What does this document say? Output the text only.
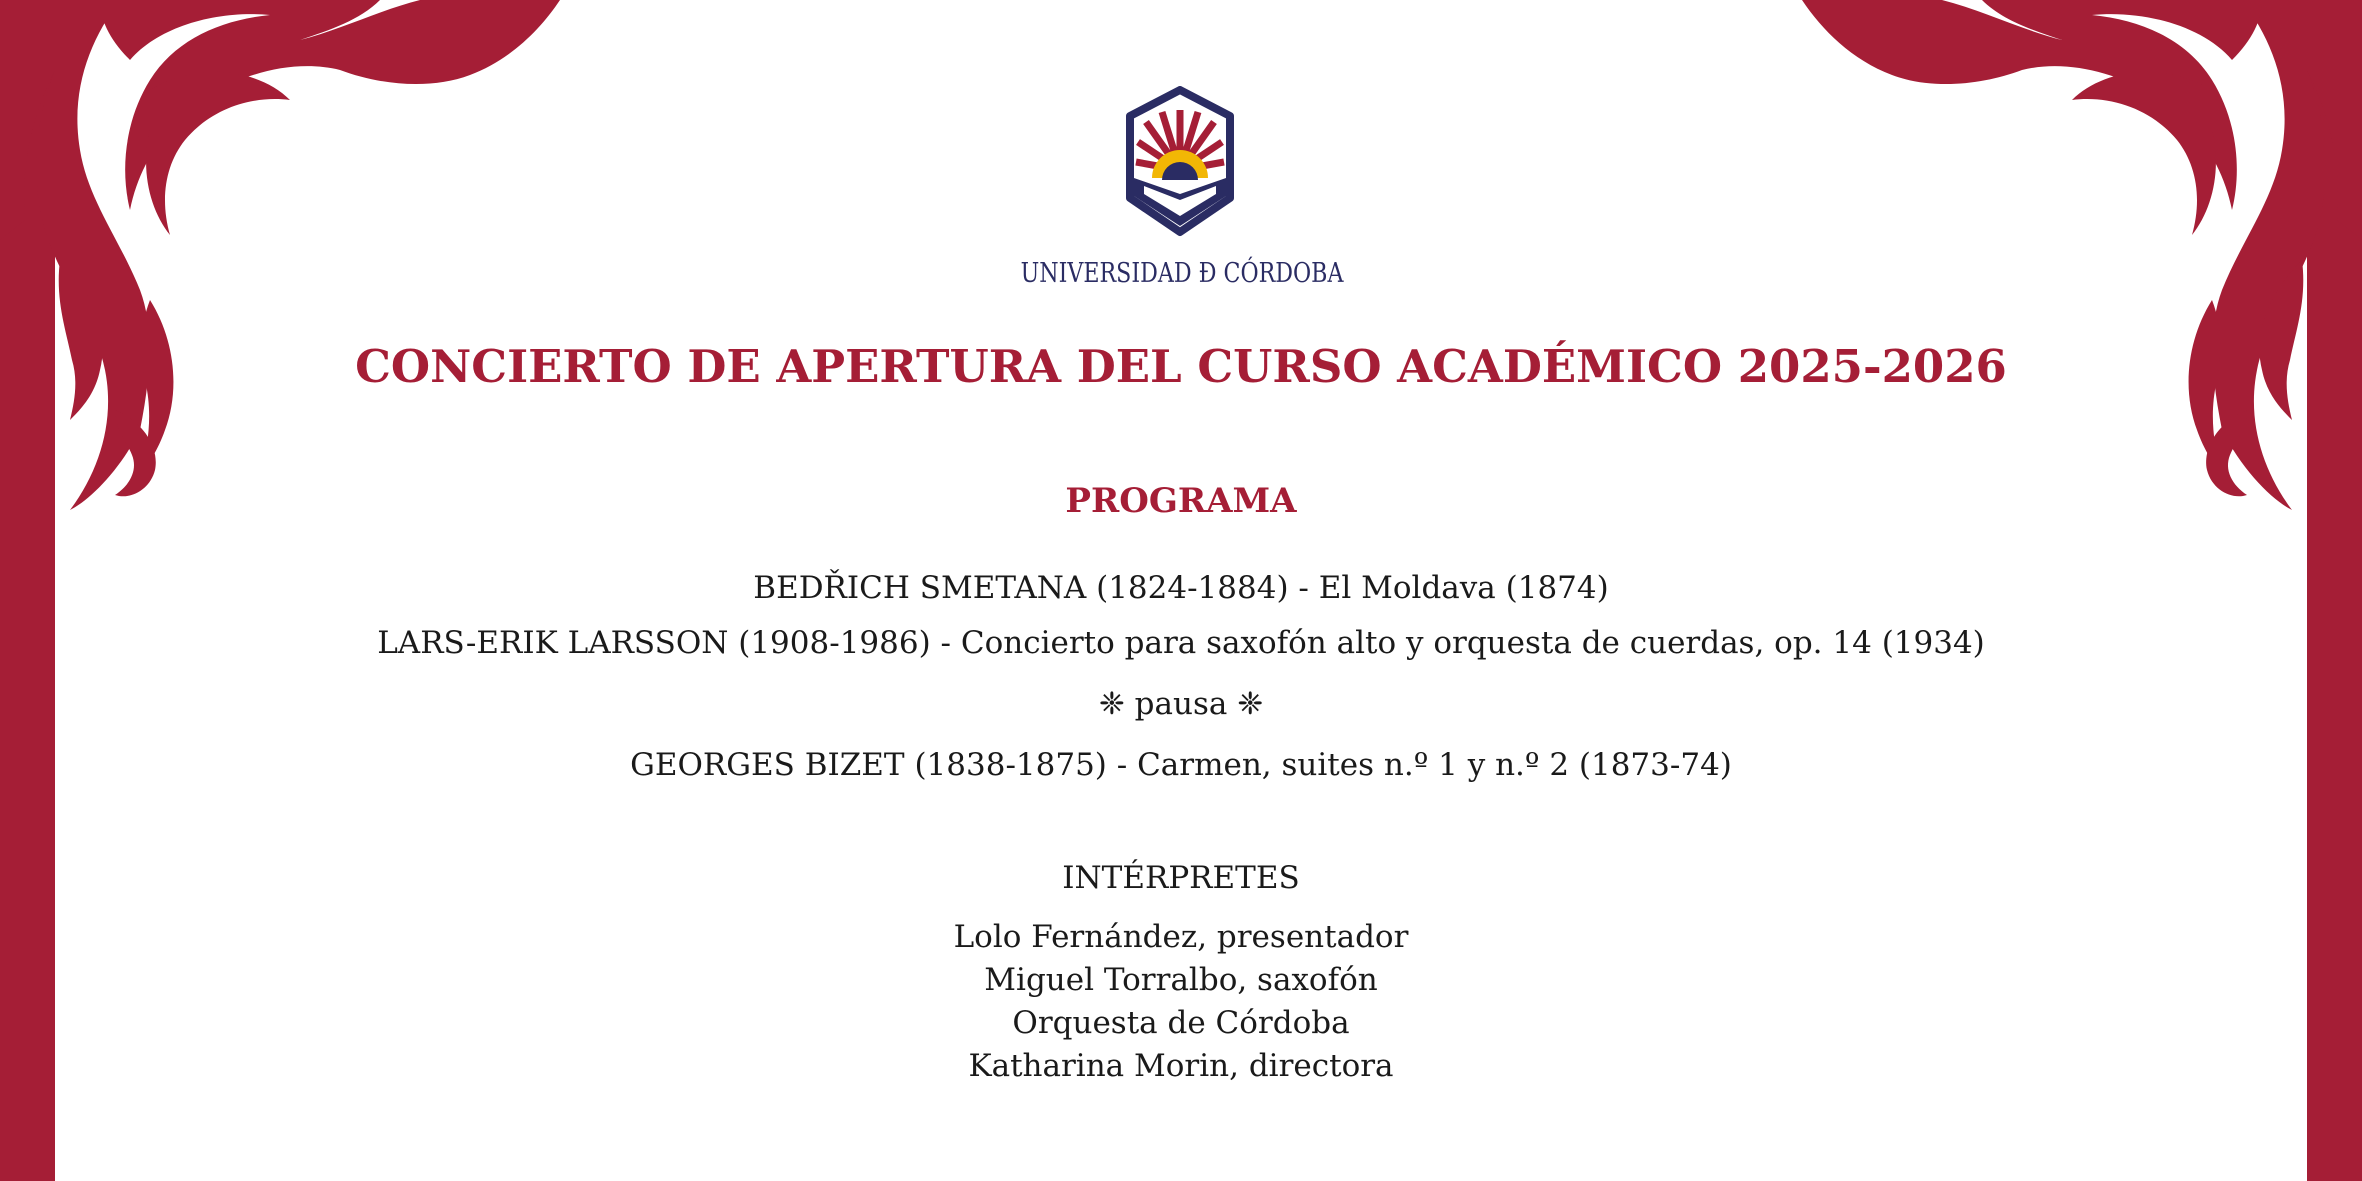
UNIVERSIDAD Đ CÓRDOBA
CONCIERTO DE APERTURA DEL CURSO ACADÉMICO 2025-2026
PROGRAMA
BEDŘICH SMETANA (1824-1884) - El Moldava (1874)
LARS-ERIK LARSSON (1908-1986) - Concierto para saxofón alto y orquesta de cuerdas, op. 14 (1934)
❈ pausa ❈
GEORGES BIZET (1838-1875) - Carmen, suites n.º 1 y n.º 2 (1873-74)
INTÉRPRETES
Lolo Fernández, presentador
Miguel Torralbo, saxofón
Orquesta de Córdoba
Katharina Morin, directora
